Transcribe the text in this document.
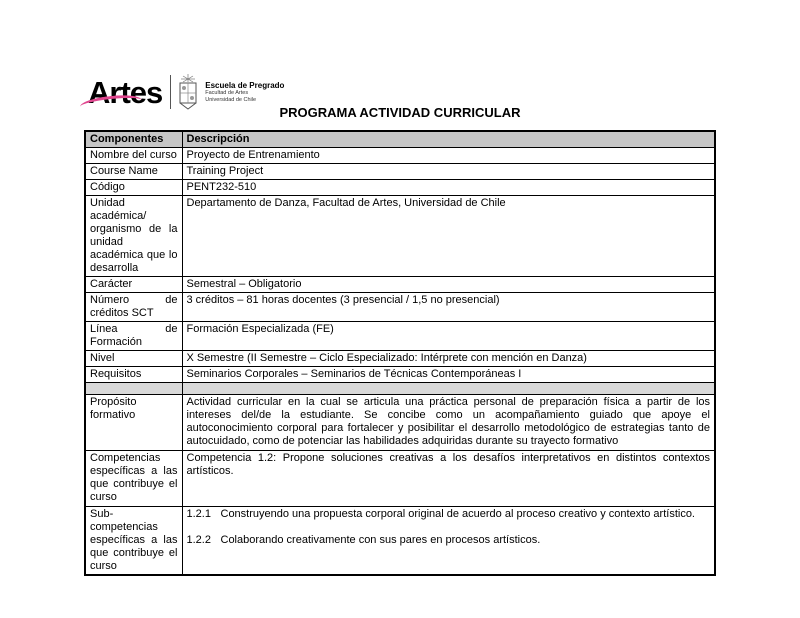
Artes	Escuela de Pregrado
Facultad de Artes
Universidad de Chile
PROGRAMA ACTIVIDAD CURRICULAR
Componentes	Descripción
Nombre del curso	Proyecto de Entrenamiento
Course Name	Training Project
Código	PENT232-510
Unidad académica/ organismo de la unidad académica que lo desarrolla	Departamento de Danza, Facultad de Artes, Universidad de Chile
Carácter	Semestral – Obligatorio
Número de créditos SCT	3 créditos – 81 horas docentes (3 presencial / 1,5 no presencial)
Línea de Formación	Formación Especializada (FE)
Nivel	X Semestre (II Semestre – Ciclo Especializado: Intérprete con mención en Danza)
Requisitos	Seminarios Corporales – Seminarios de Técnicas Contemporáneas I

Propósito formativo	Actividad curricular en la cual se articula una práctica personal de preparación física a partir de los intereses del/de la estudiante. Se concibe como un acompañamiento guiado que apoye el autoconocimiento corporal para fortalecer y posibilitar el desarrollo metodológico de estrategias tanto de autocuidado, como de potenciar las habilidades adquiridas durante su trayecto formativo
Competencias específicas a las que contribuye el curso	Competencia 1.2: Propone soluciones creativas a los desafíos interpretativos en distintos contextos artísticos.
Sub-competencias específicas a las que contribuye el curso	1.2.1 Construyendo una propuesta corporal original de acuerdo al proceso creativo y contexto artístico.
1.2.2 Colaborando creativamente con sus pares en procesos artísticos.
